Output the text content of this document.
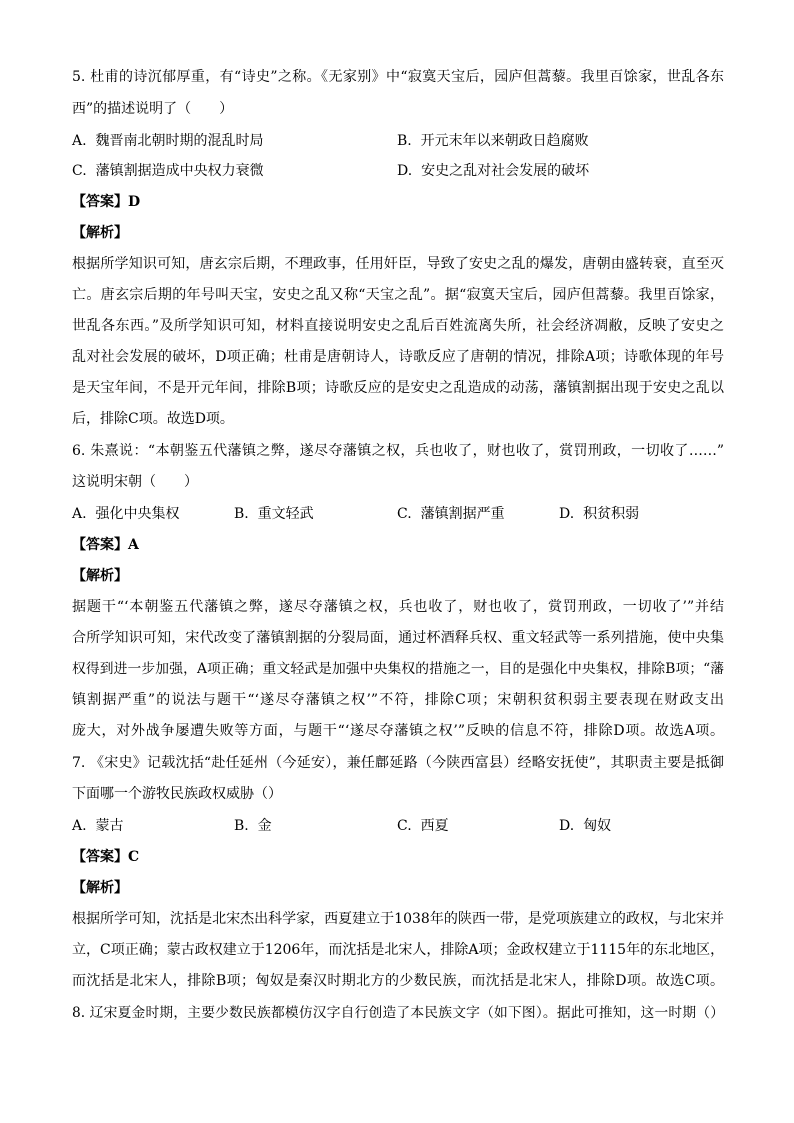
5. 杜甫的诗沉郁厚重，有“诗史”之称。《无家别》中“寂寞天宝后，园庐但蒿藜。我里百馀家，世乱各东
西”的描述说明了（　　）
A. 魏晋南北朝时期的混乱时局	B. 开元末年以来朝政日趋腐败
C. 藩镇割据造成中央权力衰微	D. 安史之乱对社会发展的破坏
【答案】D
【解析】
根据所学知识可知，唐玄宗后期，不理政事，任用奸臣，导致了安史之乱的爆发，唐朝由盛转衰，直至灭
亡。唐玄宗后期的年号叫天宝，安史之乱又称“天宝之乱”。据“寂寞天宝后，园庐但蒿藜。我里百馀家，
世乱各东西。”及所学知识可知，材料直接说明安史之乱后百姓流离失所，社会经济凋敝，反映了安史之
乱对社会发展的破坏，D项正确；杜甫是唐朝诗人，诗歌反应了唐朝的情况，排除A项；诗歌体现的年号
是天宝年间，不是开元年间，排除B项；诗歌反应的是安史之乱造成的动荡，藩镇割据出现于安史之乱以
后，排除C项。故选D项。
6. 朱熹说：“本朝鉴五代藩镇之弊，遂尽夺藩镇之权，兵也收了，财也收了，赏罚刑政，一切收了……”
这说明宋朝（　　）
A. 强化中央集权	B. 重文轻武	C. 藩镇割据严重	D. 积贫积弱
【答案】A
【解析】
据题干“‘本朝鉴五代藩镇之弊，遂尽夺藩镇之权，兵也收了，财也收了，赏罚刑政，一切收了’”并结
合所学知识可知，宋代改变了藩镇割据的分裂局面，通过杯酒释兵权、重文轻武等一系列措施，使中央集
权得到进一步加强，A项正确；重文轻武是加强中央集权的措施之一，目的是强化中央集权，排除B项；“藩
镇割据严重”的说法与题干“‘遂尽夺藩镇之权’”不符，排除C项；宋朝积贫积弱主要表现在财政支出
庞大，对外战争屡遭失败等方面，与题干“‘遂尽夺藩镇之权’”反映的信息不符，排除D项。故选A项。
7. 《宋史》记载沈括“赴任延州（今延安），兼任鄜延路（今陕西富县）经略安抚使”，其职责主要是抵御
下面哪一个游牧民族政权威胁（）
A. 蒙古	B. 金	C. 西夏	D. 匈奴
【答案】C
【解析】
根据所学可知，沈括是北宋杰出科学家，西夏建立于1038年的陕西一带，是党项族建立的政权，与北宋并
立，C项正确；蒙古政权建立于1206年，而沈括是北宋人，排除A项；金政权建立于1115年的东北地区，
而沈括是北宋人，排除B项；匈奴是秦汉时期北方的少数民族，而沈括是北宋人，排除D项。故选C项。
8. 辽宋夏金时期，主要少数民族都模仿汉字自行创造了本民族文字（如下图）。据此可推知，这一时期（）
